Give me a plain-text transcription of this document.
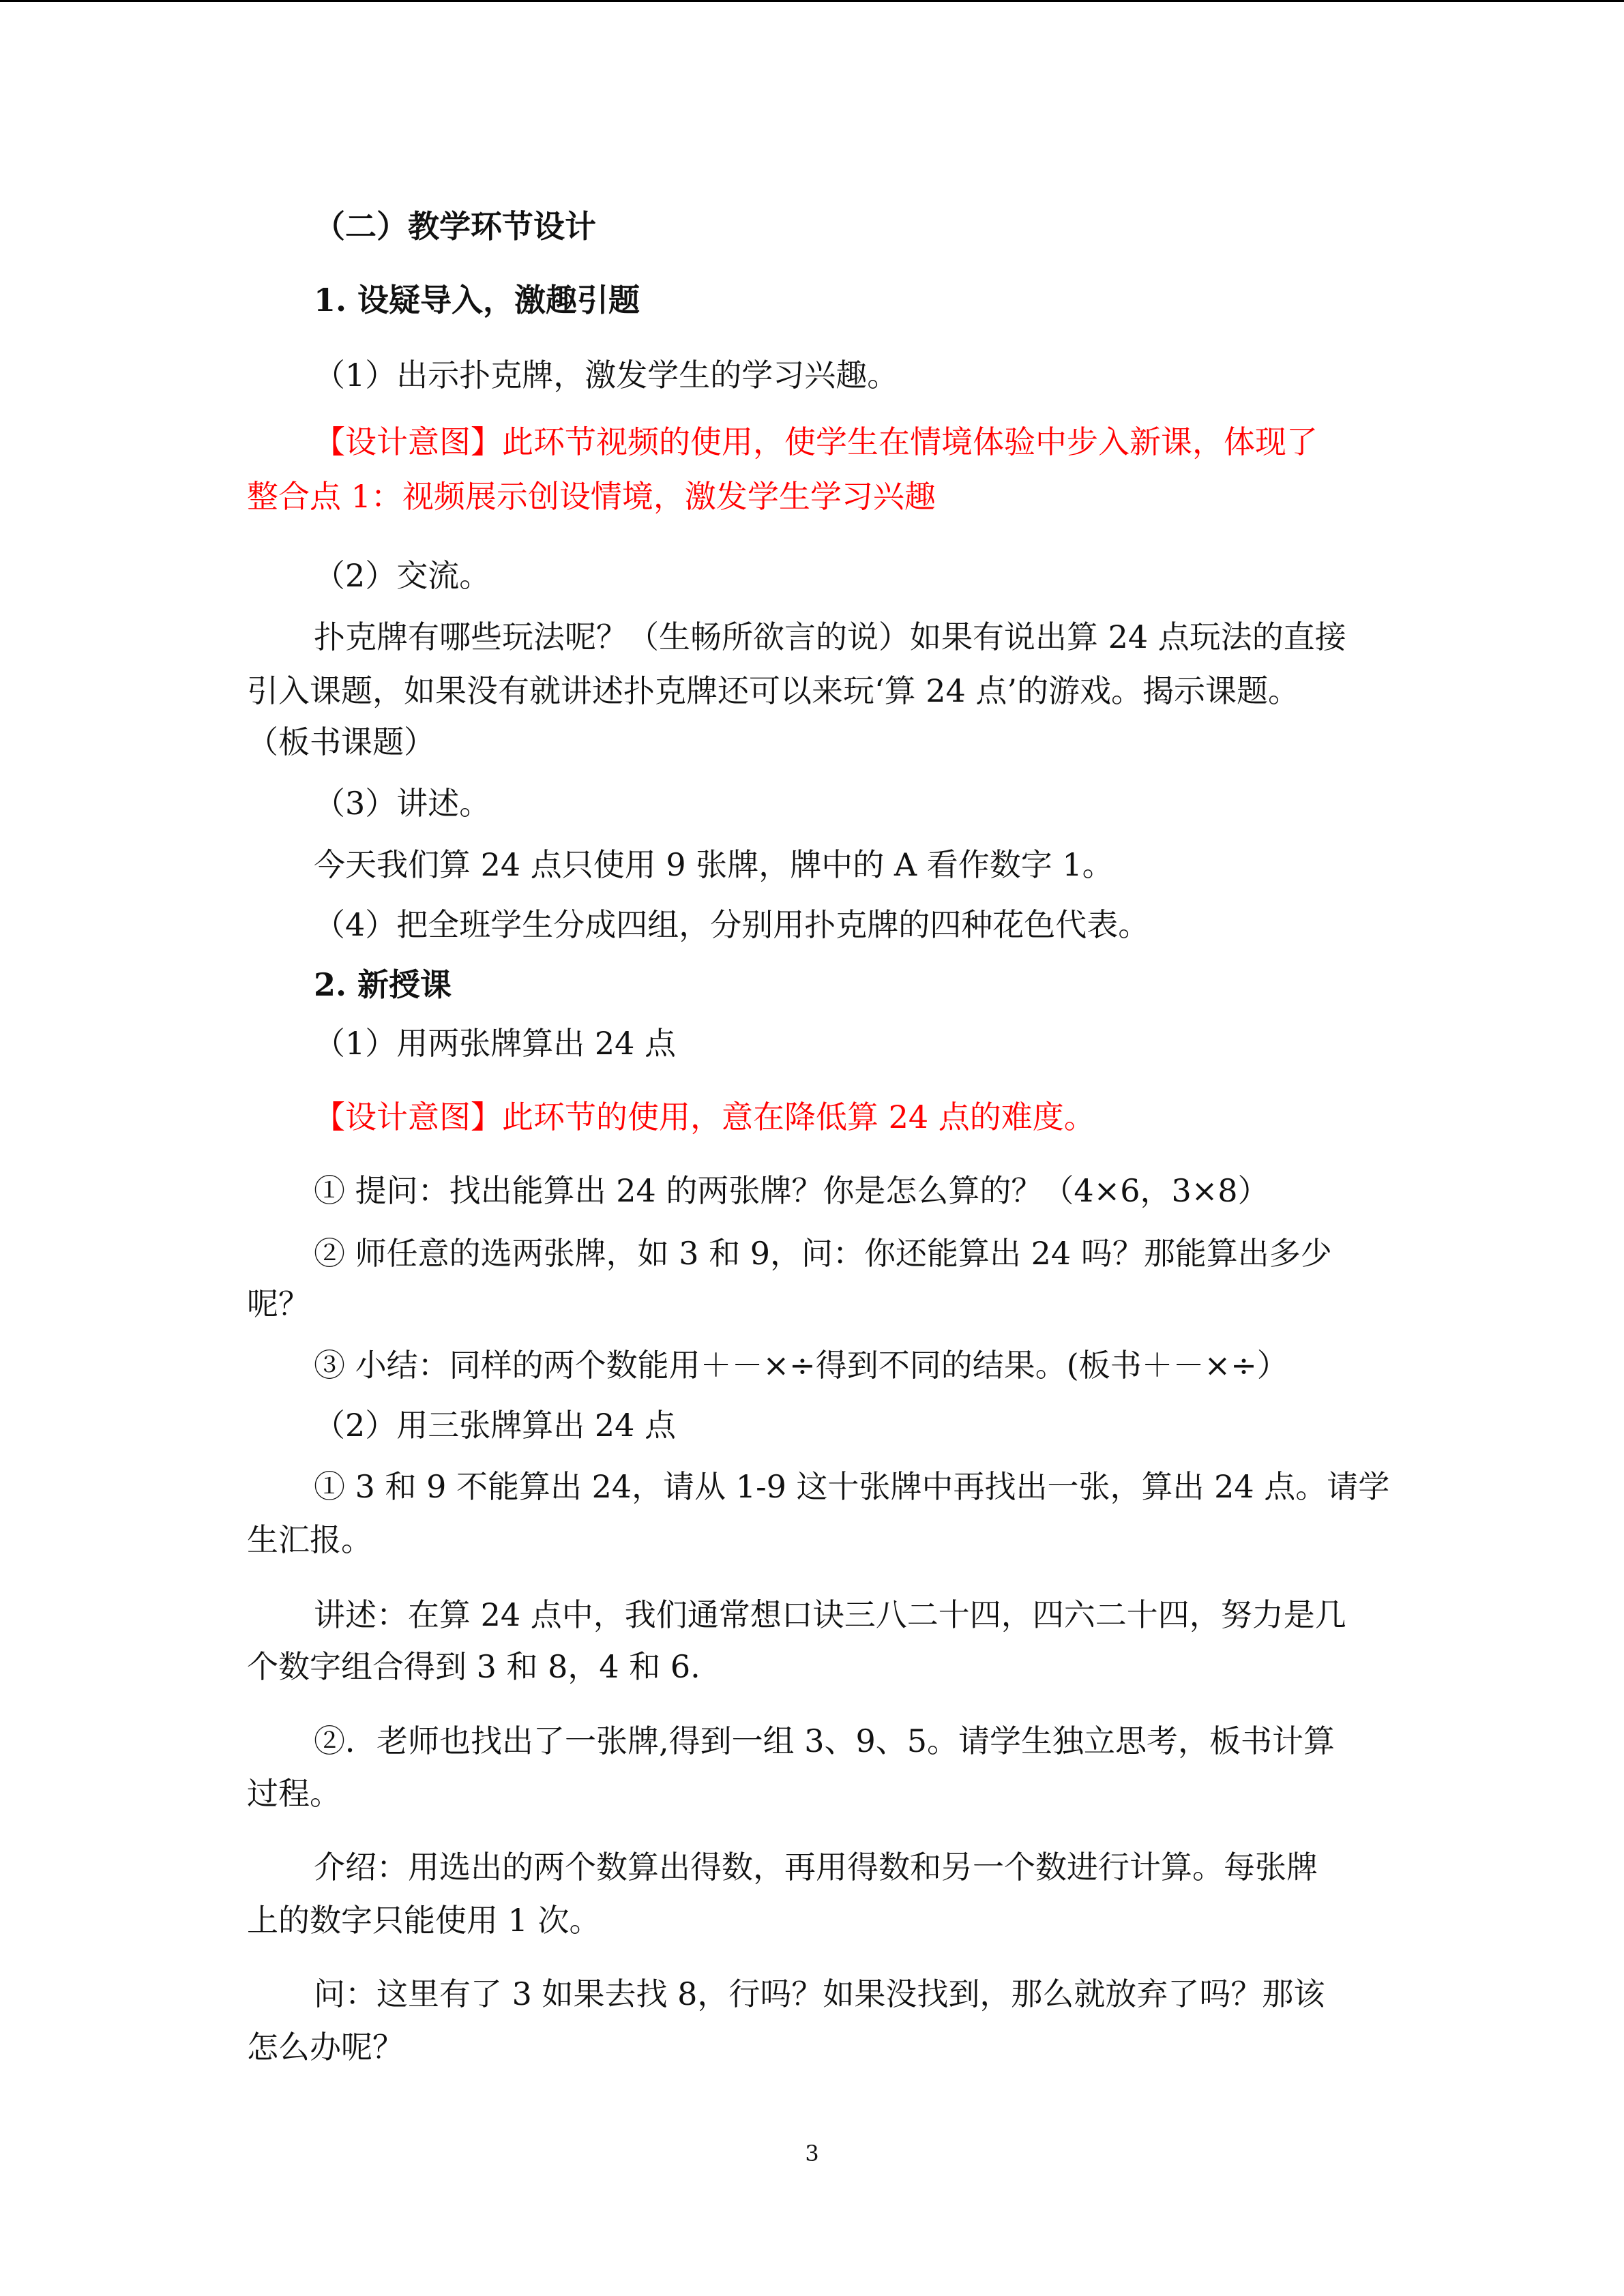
（二）教学环节设计

1. 设疑导入，激趣引题

（1）出示扑克牌，激发学生的学习兴趣。

【设计意图】此环节视频的使用，使学生在情境体验中步入新课，体现了

整合点 1：视频展示创设情境，激发学生学习兴趣

（2）交流。

扑克牌有哪些玩法呢？（生畅所欲言的说）如果有说出算 24 点玩法的直接

引入课题，如果没有就讲述扑克牌还可以来玩‘算 24 点’的游戏。揭示课题。

（板书课题）

（3）讲述。

今天我们算 24 点只使用 9 张牌，牌中的 A 看作数字 1。

（4）把全班学生分成四组，分别用扑克牌的四种花色代表。

2. 新授课

（1）用两张牌算出 24 点

【设计意图】此环节的使用，意在降低算 24 点的难度。

① 提问：找出能算出 24 的两张牌？你是怎么算的？（4×6，3×8）

② 师任意的选两张牌，如 3 和 9，问：你还能算出 24 吗？那能算出多少

呢？

③ 小结：同样的两个数能用＋－×÷得到不同的结果。(板书＋－×÷）

（2）用三张牌算出 24 点

① 3 和 9 不能算出 24，请从 1-9 这十张牌中再找出一张，算出 24 点。请学

生汇报。

讲述：在算 24 点中，我们通常想口诀三八二十四，四六二十四，努力是几

个数字组合得到 3 和 8，4 和 6.

②．老师也找出了一张牌,得到一组 3、9、5。请学生独立思考，板书计算

过程。

介绍：用选出的两个数算出得数，再用得数和另一个数进行计算。每张牌

上的数字只能使用 1 次。

问：这里有了 3 如果去找 8，行吗？如果没找到，那么就放弃了吗？那该

怎么办呢？

3
